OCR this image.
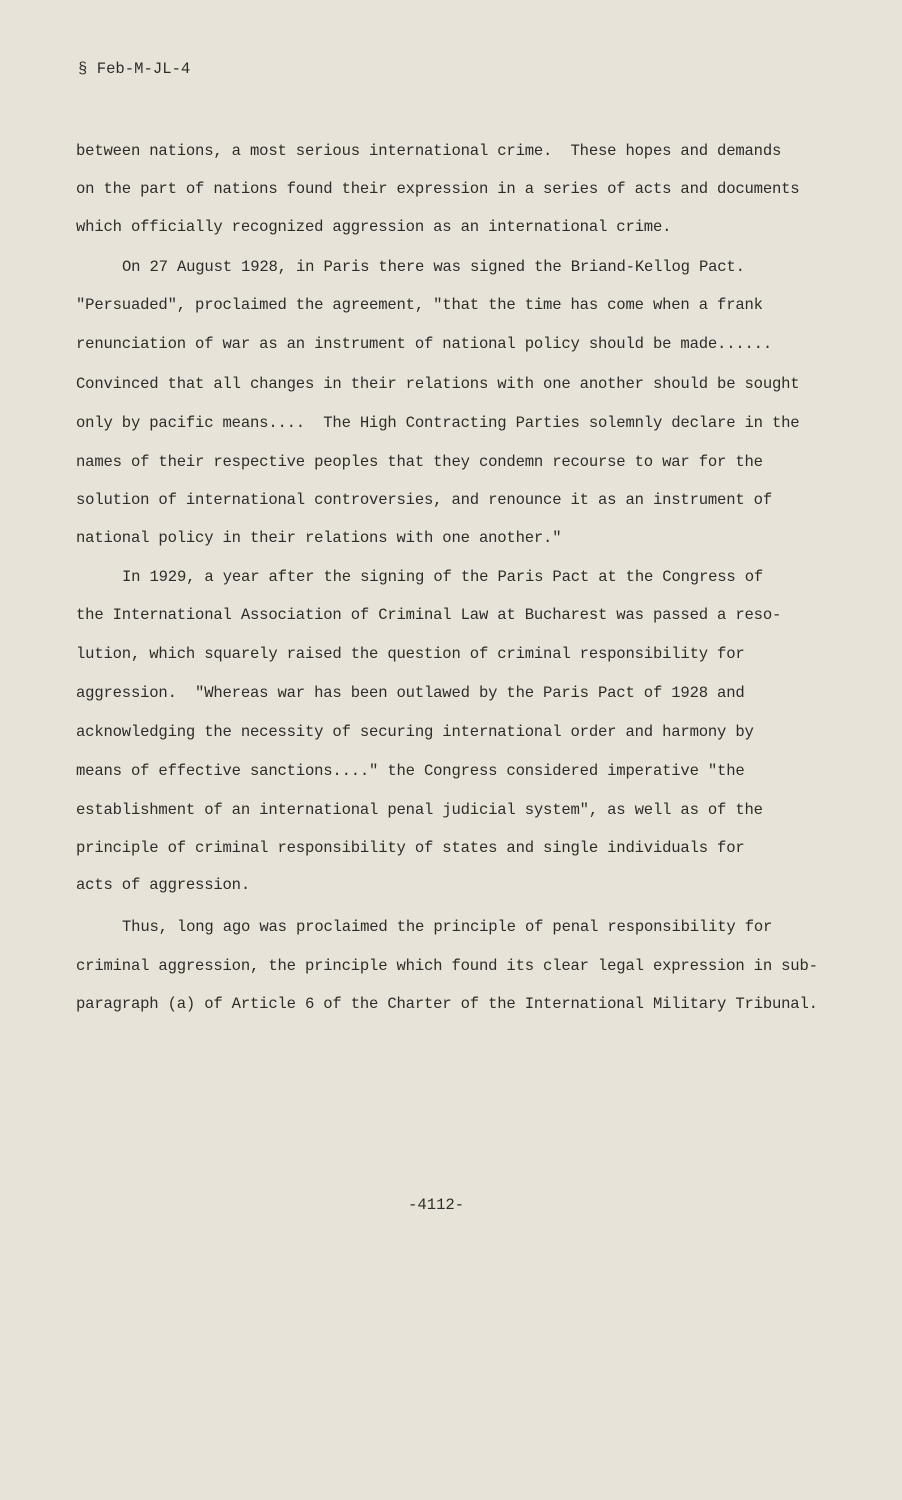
§ Feb-M-JL-4
between nations, a most serious international crime.  These hopes and demands
on the part of nations found their expression in a series of acts and documents
which officially recognized aggression as an international crime.
On 27 August 1928, in Paris there was signed the Briand-Kellog Pact.
"Persuaded", proclaimed the agreement, "that the time has come when a frank
renunciation of war as an instrument of national policy should be made......
Convinced that all changes in their relations with one another should be sought
only by pacific means....  The High Contracting Parties solemnly declare in the
names of their respective peoples that they condemn recourse to war for the
solution of international controversies, and renounce it as an instrument of
national policy in their relations with one another."
In 1929, a year after the signing of the Paris Pact at the Congress of
the International Association of Criminal Law at Bucharest was passed a reso-
lution, which squarely raised the question of criminal responsibility for
aggression.  "Whereas war has been outlawed by the Paris Pact of 1928 and
acknowledging the necessity of securing international order and harmony by
means of effective sanctions...." the Congress considered imperative "the
establishment of an international penal judicial system", as well as of the
principle of criminal responsibility of states and single individuals for
acts of aggression.
Thus, long ago was proclaimed the principle of penal responsibility for
criminal aggression, the principle which found its clear legal expression in sub-
paragraph (a) of Article 6 of the Charter of the International Military Tribunal.
-4112-
